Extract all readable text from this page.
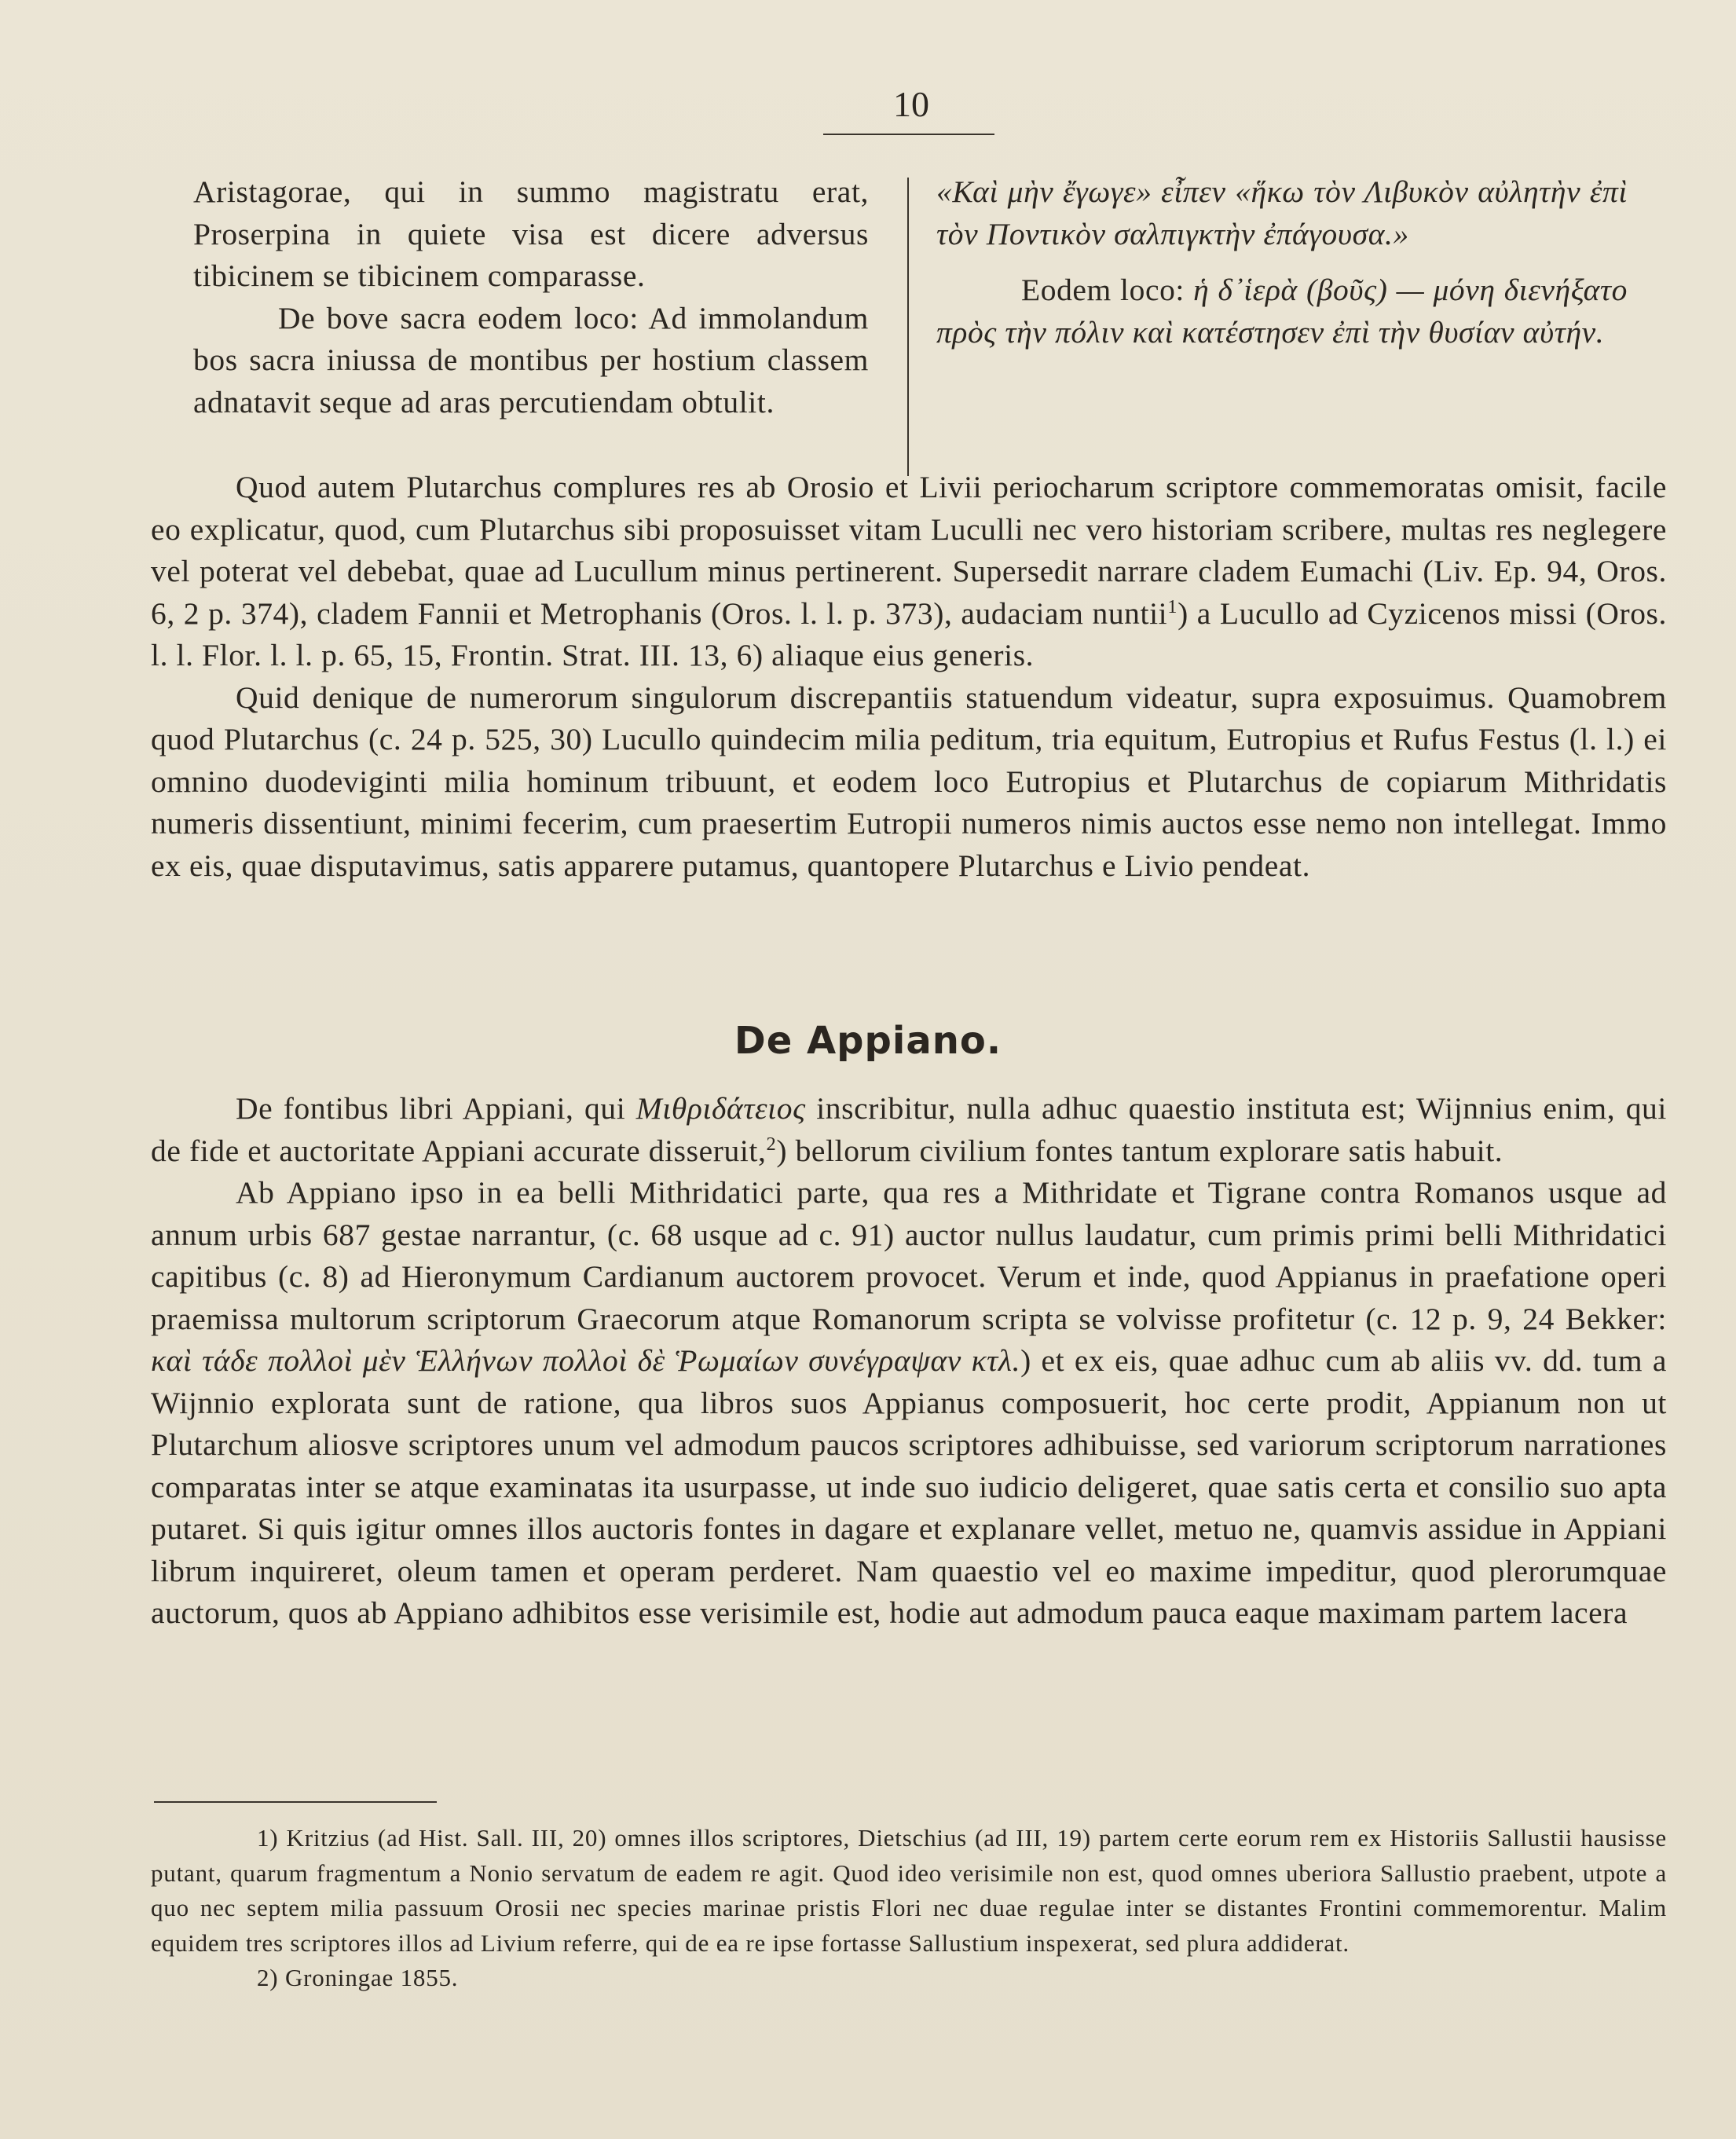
10

Aristagorae, qui in summo magistratu erat, Proserpina in quiete visa est dicere adversus tibicinem se tibicinem comparasse.

De bove sacra eodem loco: Ad immolandum bos sacra iniussa de montibus per hostium classem adnatavit seque ad aras percutiendam obtulit.

«Καὶ μὴν ἔγωγε» εἶπεν «ἥκω τὸν Λιβυκὸν αὐλητὴν ἐπὶ τὸν Ποντικὸν σαλπιγκτὴν ἐπάγουσα.»

Eodem loco: ἡ δ᾽ἱερὰ (βοῦς) — μόνη διενήξατο πρὸς τὴν πόλιν καὶ κατέστησεν ἐπὶ τὴν θυσίαν αὐτήν.

Quod autem Plutarchus complures res ab Orosio et Livii periocharum scriptore commemoratas omisit, facile eo explicatur, quod, cum Plutarchus sibi proposuisset vitam Luculli nec vero historiam scribere, multas res neglegere vel poterat vel debebat, quae ad Lucullum minus pertinerent. Supersedit narrare cladem Eumachi (Liv. Ep. 94, Oros. 6, 2 p. 374), cladem Fannii et Metrophanis (Oros. l. l. p. 373), audaciam nuntii$^1$) a Lucullo ad Cyzicenos missi (Oros. l. l. Flor. l. l. p. 65, 15, Frontin. Strat. III. 13, 6) aliaque eius generis.

Quid denique de numerorum singulorum discrepantiis statuendum videatur, supra exposuimus. Quamobrem quod Plutarchus (c. 24 p. 525, 30) Lucullo quindecim milia peditum, tria equitum, Eutropius et Rufus Festus (l. l.) ei omnino duodeviginti milia hominum tribuunt, et eodem loco Eutropius et Plutarchus de copiarum Mithridatis numeris dissentiunt, minimi fecerim, cum praesertim Eutropii numeros nimis auctos esse nemo non intellegat. Immo ex eis, quae disputavimus, satis apparere putamus, quantopere Plutarchus e Livio pendeat.

De Appiano.

De fontibus libri Appiani, qui Μιθριδάτειος inscribitur, nulla adhuc quaestio instituta est; Wijnnius enim, qui de fide et auctoritate Appiani accurate disseruit,$^2$) bellorum civilium fontes tantum explorare satis habuit.

Ab Appiano ipso in ea belli Mithridatici parte, qua res a Mithridate et Tigrane contra Romanos usque ad annum urbis 687 gestae narrantur, (c. 68 usque ad c. 91) auctor nullus laudatur, cum primis primi belli Mithridatici capitibus (c. 8) ad Hieronymum Cardianum auctorem provocet. Verum et inde, quod Appianus in praefatione operi praemissa multorum scriptorum Graecorum atque Romanorum scripta se volvisse profitetur (c. 12 p. 9, 24 Bekker: καὶ τάδε πολλοὶ μὲν Ἑλλήνων πολλοὶ δὲ Ῥωμαίων συνέγραψαν κτλ.) et ex eis, quae adhuc cum ab aliis vv. dd. tum a Wijnnio explorata sunt de ratione, qua libros suos Appianus composuerit, hoc certe prodit, Appianum non ut Plutarchum aliosve scriptores unum vel admodum paucos scriptores adhibuisse, sed variorum scriptorum narrationes comparatas inter se atque examinatas ita usurpasse, ut inde suo iudicio deligeret, quae satis certa et consilio suo apta putaret. Si quis igitur omnes illos auctoris fontes in dagare et explanare vellet, metuo ne, quamvis assidue in Appiani librum inquireret, oleum tamen et operam perderet. Nam quaestio vel eo maxime impeditur, quod plerorumquae auctorum, quos ab Appiano adhibitos esse verisimile est, hodie aut admodum pauca eaque maximam partem lacera

1) Kritzius (ad Hist. Sall. III, 20) omnes illos scriptores, Dietschius (ad III, 19) partem certe eorum rem ex Historiis Sallustii hausisse putant, quarum fragmentum a Nonio servatum de eadem re agit. Quod ideo verisimile non est, quod omnes uberiora Sallustio praebent, utpote a quo nec septem milia passuum Orosii nec species marinae pristis Flori nec duae regulae inter se distantes Frontini commemorentur. Malim equidem tres scriptores illos ad Livium referre, qui de ea re ipse fortasse Sallustium inspexerat, sed plura addiderat.

2) Groningae 1855.
